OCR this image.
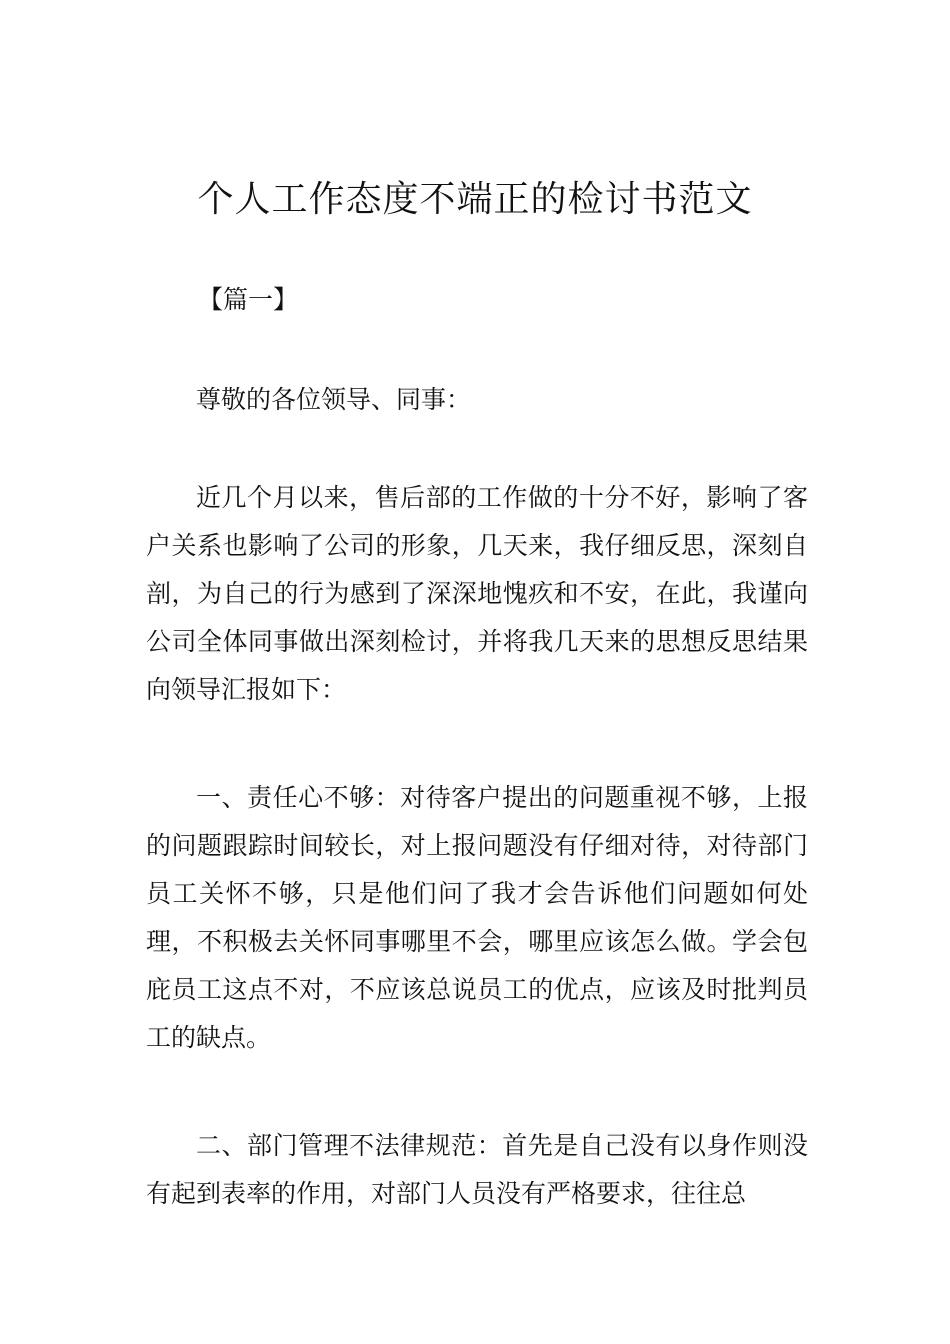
个人工作态度不端正的检讨书范文

【篇一】

尊敬的各位领导、同事：

近几个月以来，售后部的工作做的十分不好，影响了客户关系也影响了公司的形象，几天来，我仔细反思，深刻自剖，为自己的行为感到了深深地愧疚和不安，在此，我谨向公司全体同事做出深刻检讨，并将我几天来的思想反思结果向领导汇报如下：

一、责任心不够：对待客户提出的问题重视不够，上报的问题跟踪时间较长，对上报问题没有仔细对待，对待部门员工关怀不够，只是他们问了我才会告诉他们问题如何处理，不积极去关怀同事哪里不会，哪里应该怎么做。学会包庇员工这点不对，不应该总说员工的优点，应该及时批判员工的缺点。

二、部门管理不法律规范：首先是自己没有以身作则没有起到表率的作用，对部门人员没有严格要求，往往总
